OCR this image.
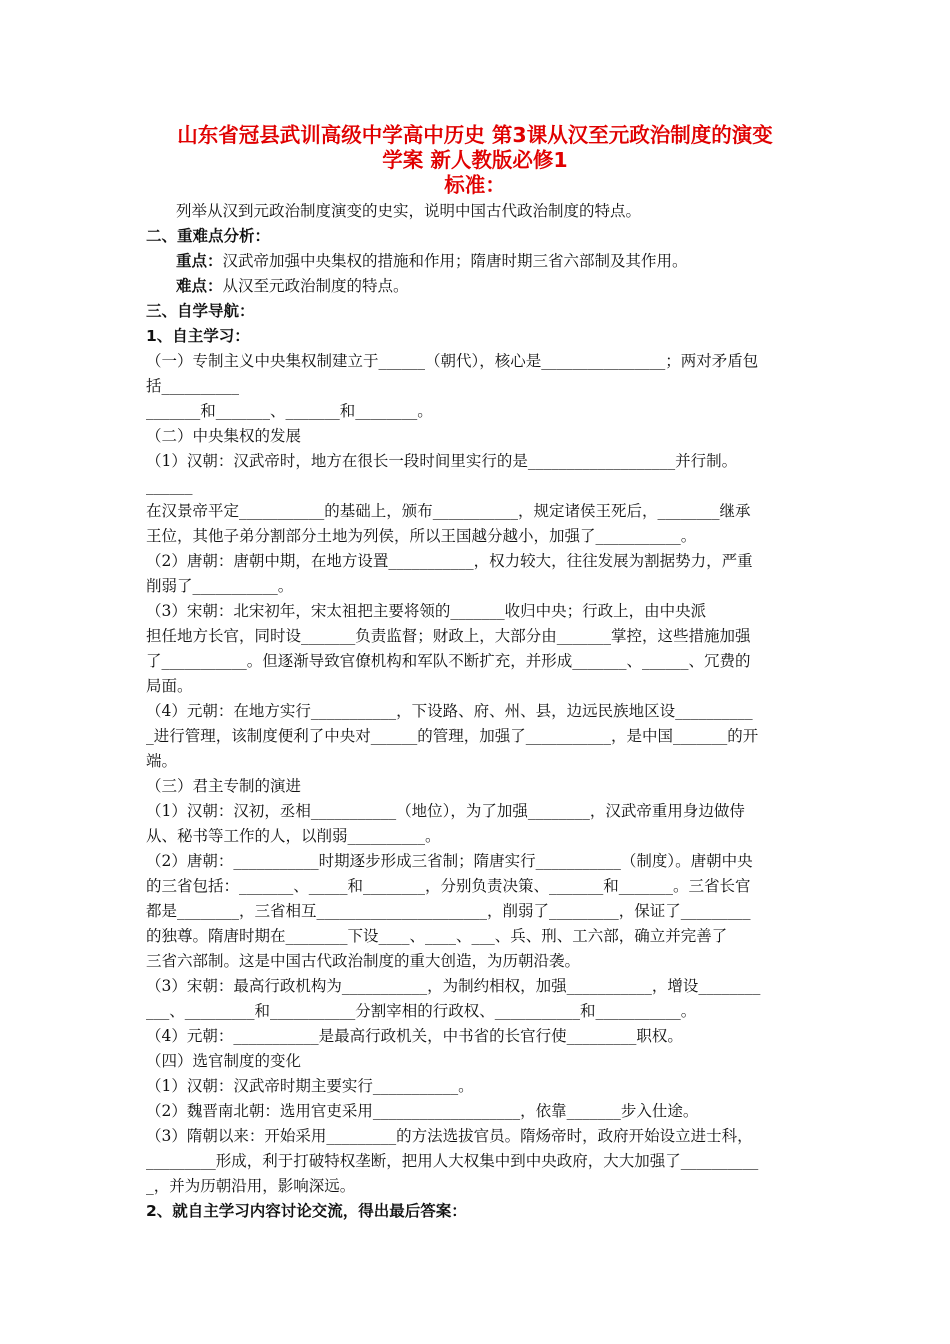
山东省冠县武训高级中学高中历史 第3课从汉至元政治制度的演变
学案 新人教版必修1
标准：
列举从汉到元政治制度演变的史实，说明中国古代政治制度的特点。
二、重难点分析：
重点：汉武帝加强中央集权的措施和作用；隋唐时期三省六部制及其作用。
难点：从汉至元政治制度的特点。
三、自学导航：
1、自主学习：
（一）专制主义中央集权制建立于______（朝代），核心是________________；两对矛盾包
括__________
_______和_______、_______和________。
（二）中央集权的发展
（1）汉朝：汉武帝时，地方在很长一段时间里实行的是___________________并行制。
______
在汉景帝平定___________的基础上，颁布___________，规定诸侯王死后，________继承
王位，其他子弟分割部分土地为列侯，所以王国越分越小，加强了___________。
（2）唐朝：唐朝中期，在地方设置___________，权力较大，往往发展为割据势力，严重
削弱了___________。
（3）宋朝：北宋初年，宋太祖把主要将领的_______收归中央；行政上，由中央派
担任地方长官，同时设_______负责监督；财政上，大部分由_______掌控，这些措施加强
了___________。但逐渐导致官僚机构和军队不断扩充，并形成_______、______、冗费的
局面。
（4）元朝：在地方实行___________，下设路、府、州、县，边远民族地区设__________
_进行管理，该制度便利了中央对______的管理，加强了___________，是中国_______的开
端。
（三）君主专制的演进
（1）汉朝：汉初，丞相___________（地位），为了加强________，汉武帝重用身边做侍
从、秘书等工作的人，以削弱__________。
（2）唐朝：___________时期逐步形成三省制；隋唐实行___________（制度）。唐朝中央
的三省包括：_______、_____和________，分别负责决策、_______和_______。三省长官
都是________，三省相互______________________，削弱了_________，保证了_________
的独尊。隋唐时期在________下设____、____、___、兵、刑、工六部，确立并完善了
三省六部制。这是中国古代政治制度的重大创造，为历朝沿袭。
（3）宋朝：最高行政机构为___________，为制约相权，加强___________，增设________
___、_________和___________分割宰相的行政权、___________和___________。
（4）元朝：___________是最高行政机关，中书省的长官行使_________职权。
（四）选官制度的变化
（1）汉朝：汉武帝时期主要实行___________。
（2）魏晋南北朝：选用官吏采用___________________，依靠_______步入仕途。
（3）隋朝以来：开始采用_________的方法选拔官员。隋炀帝时，政府开始设立进士科，
_________形成，利于打破特权垄断，把用人大权集中到中央政府，大大加强了__________
_，并为历朝沿用，影响深远。
2、就自主学习内容讨论交流，得出最后答案：
